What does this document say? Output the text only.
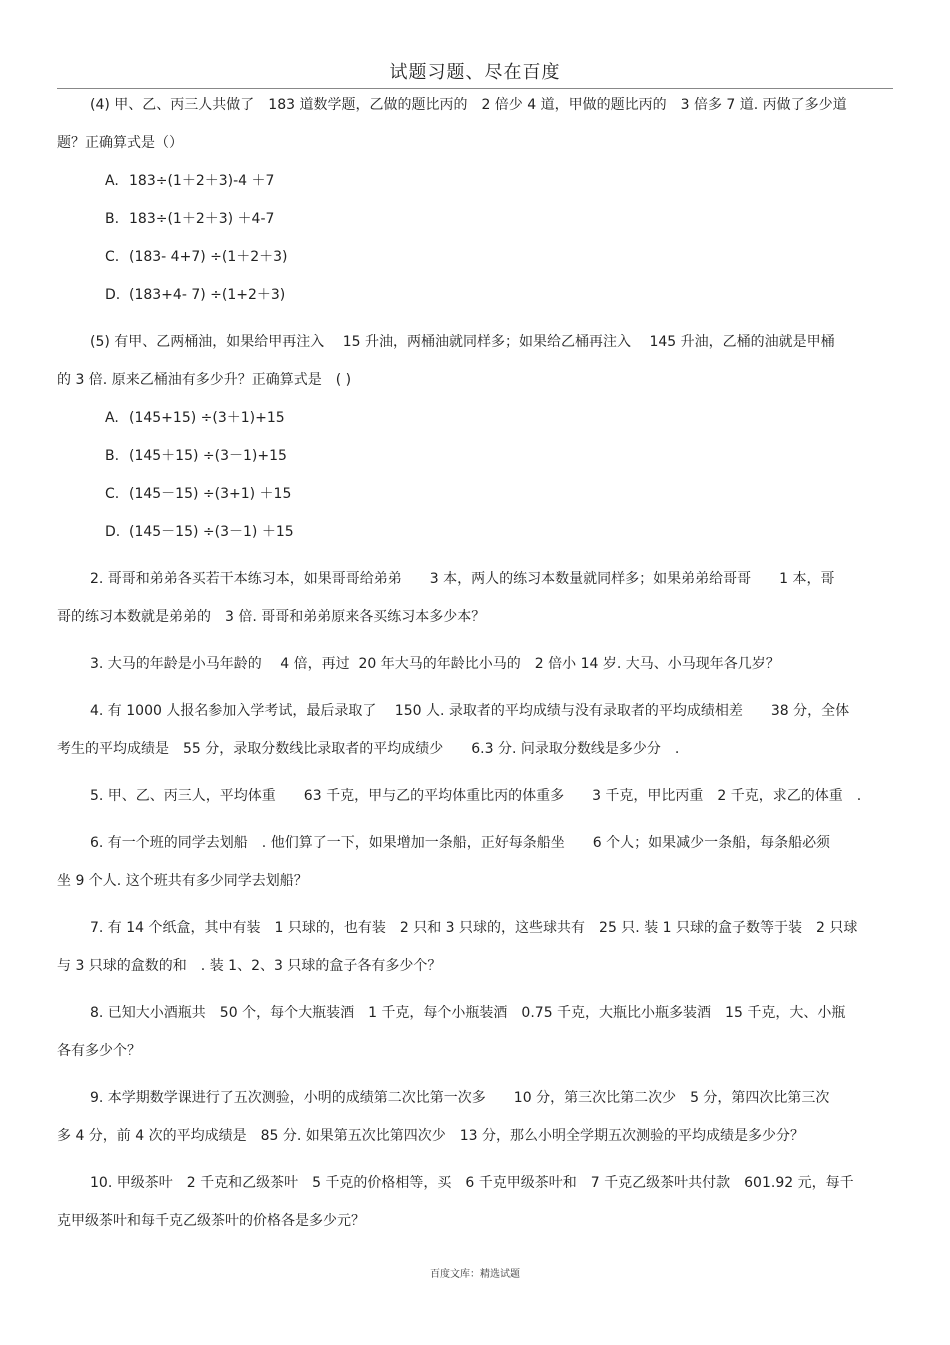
试题习题、尽在百度
(4) 甲、乙、丙三人共做了　183 道数学题，乙做的题比丙的　2 倍少 4 道，甲做的题比丙的　3 倍多 7 道. 丙做了多少道
题？正确算式是（）
A. 183÷(1＋2＋3)-4 ＋7
B. 183÷(1＋2＋3) ＋4-7
C. (183- 4+7) ÷(1＋2＋3)
D. (183+4- 7) ÷(1+2＋3)
(5) 有甲、乙两桶油，如果给甲再注入　 15 升油，两桶油就同样多；如果给乙桶再注入　 145 升油，乙桶的油就是甲桶
的 3 倍. 原来乙桶油有多少升？正确算式是　( )
A. (145+15) ÷(3＋1)+15
B. (145＋15) ÷(3－1)+15
C. (145－15) ÷(3+1) ＋15
D. (145－15) ÷(3－1) ＋15
2. 哥哥和弟弟各买若干本练习本，如果哥哥给弟弟　　3 本，两人的练习本数量就同样多；如果弟弟给哥哥　　1 本，哥
哥的练习本数就是弟弟的　3 倍. 哥哥和弟弟原来各买练习本多少本？
3. 大马的年龄是小马年龄的　 4 倍，再过  20 年大马的年龄比小马的　2 倍小 14 岁. 大马、小马现年各几岁？
4. 有 1000 人报名参加入学考试，最后录取了　 150 人. 录取者的平均成绩与没有录取者的平均成绩相差　　38 分，全体
考生的平均成绩是　55 分，录取分数线比录取者的平均成绩少　　6.3 分. 问录取分数线是多少分　.
5. 甲、乙、丙三人，平均体重　　63 千克，甲与乙的平均体重比丙的体重多　　3 千克，甲比丙重　2 千克，求乙的体重　.
6. 有一个班的同学去划船　. 他们算了一下，如果增加一条船，正好每条船坐　　6 个人；如果减少一条船，每条船必须
坐 9 个人. 这个班共有多少同学去划船？
7. 有 14 个纸盒，其中有装　1 只球的，也有装　2 只和 3 只球的，这些球共有　25 只. 装 1 只球的盒子数等于装　2 只球
与 3 只球的盒数的和　. 装 1、2、3 只球的盒子各有多少个？
8. 已知大小酒瓶共　50 个，每个大瓶装酒　1 千克，每个小瓶装酒　0.75 千克，大瓶比小瓶多装酒　15 千克，大、小瓶
各有多少个？
9. 本学期数学课进行了五次测验，小明的成绩第二次比第一次多　　10 分，第三次比第二次少　5 分，第四次比第三次
多 4 分，前 4 次的平均成绩是　85 分. 如果第五次比第四次少　13 分，那么小明全学期五次测验的平均成绩是多少分？
10. 甲级茶叶　2 千克和乙级茶叶　5 千克的价格相等，买　6 千克甲级茶叶和　7 千克乙级茶叶共付款　601.92 元，每千
克甲级茶叶和每千克乙级茶叶的价格各是多少元？
百度文库：精选试题
